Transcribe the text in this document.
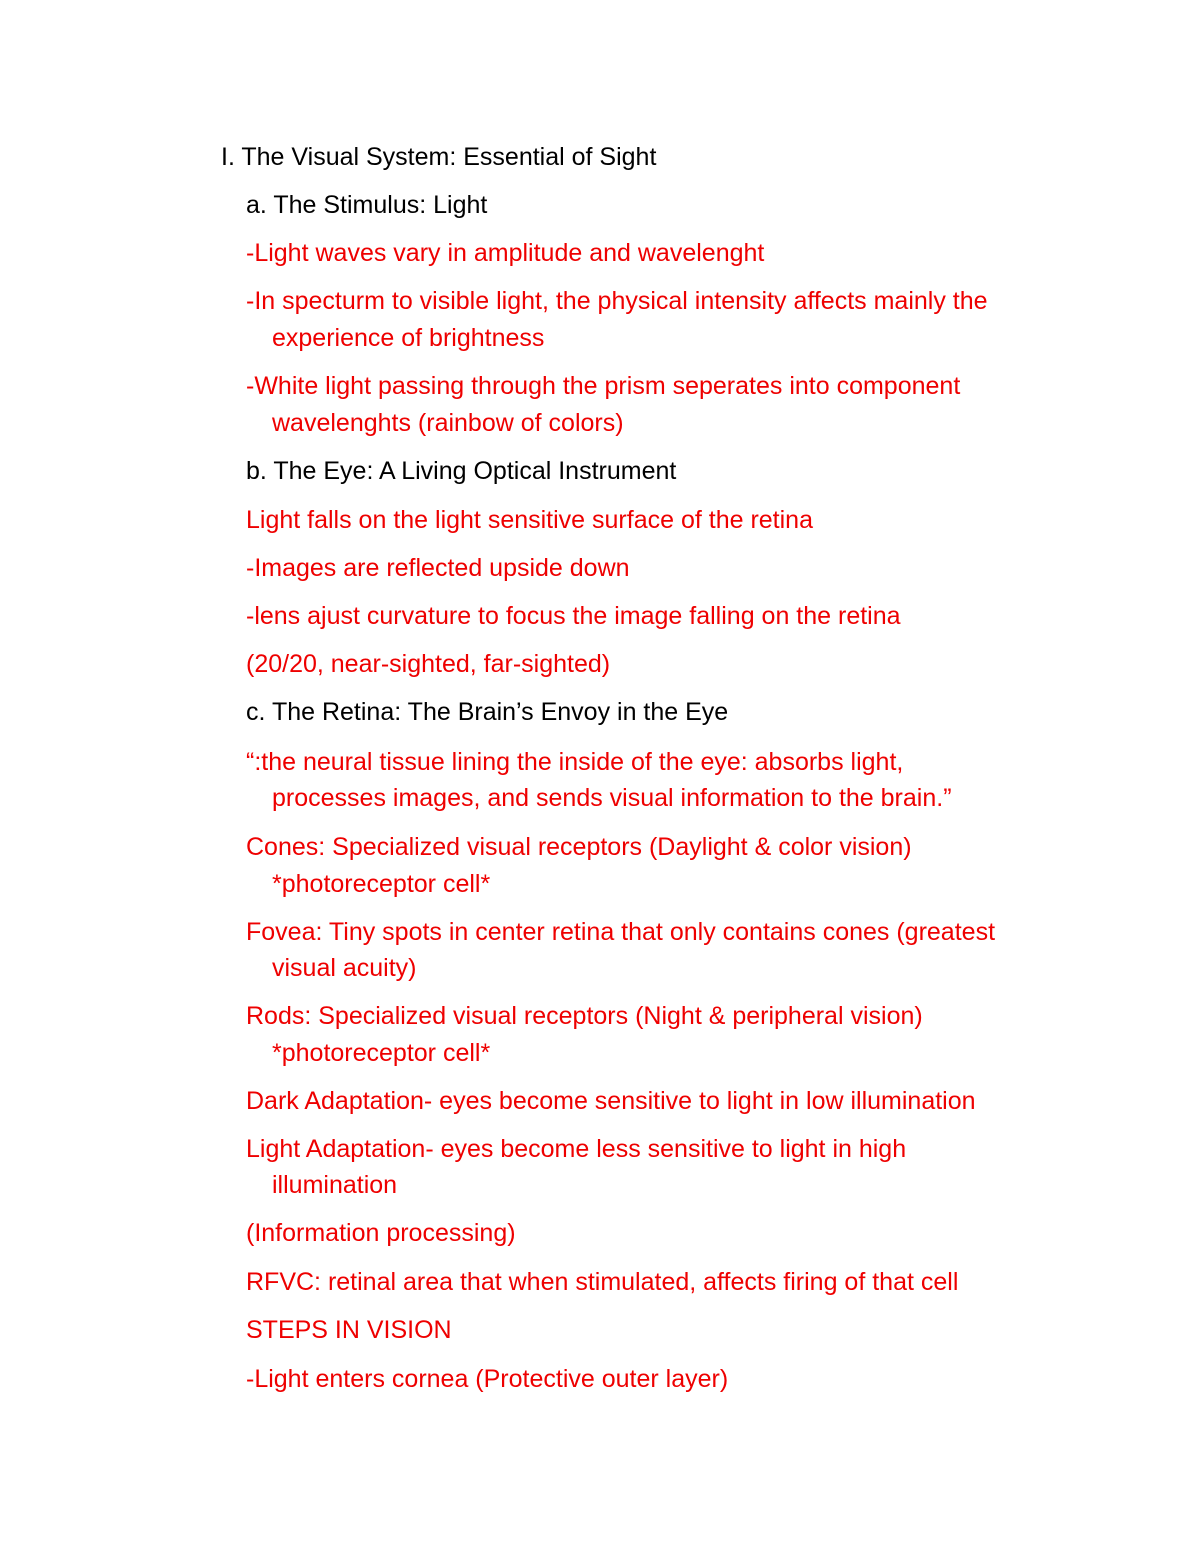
I. The Visual System: Essential of Sight
a. The Stimulus: Light
-Light waves vary in amplitude and wavelenght
-In specturm to visible light, the physical intensity affects mainly the
experience of brightness
-White light passing through the prism seperates into component
wavelenghts (rainbow of colors)
b. The Eye: A Living Optical Instrument
Light falls on the light sensitive surface of the retina
-Images are reflected upside down
-lens ajust curvature to focus the image falling on the retina
(20/20, near-sighted, far-sighted)
c. The Retina: The Brain’s Envoy in the Eye
“:the neural tissue lining the inside of the eye: absorbs light,
processes images, and sends visual information to the brain.”
Cones: Specialized visual receptors (Daylight & color vision)
*photoreceptor cell*
Fovea: Tiny spots in center retina that only contains cones (greatest
visual acuity)
Rods: Specialized visual receptors (Night & peripheral vision)
*photoreceptor cell*
Dark Adaptation- eyes become sensitive to light in low illumination
Light Adaptation- eyes become less sensitive to light in high
illumination
(Information processing)
RFVC: retinal area that when stimulated, affects firing of that cell
STEPS IN VISION
-Light enters cornea (Protective outer layer)
